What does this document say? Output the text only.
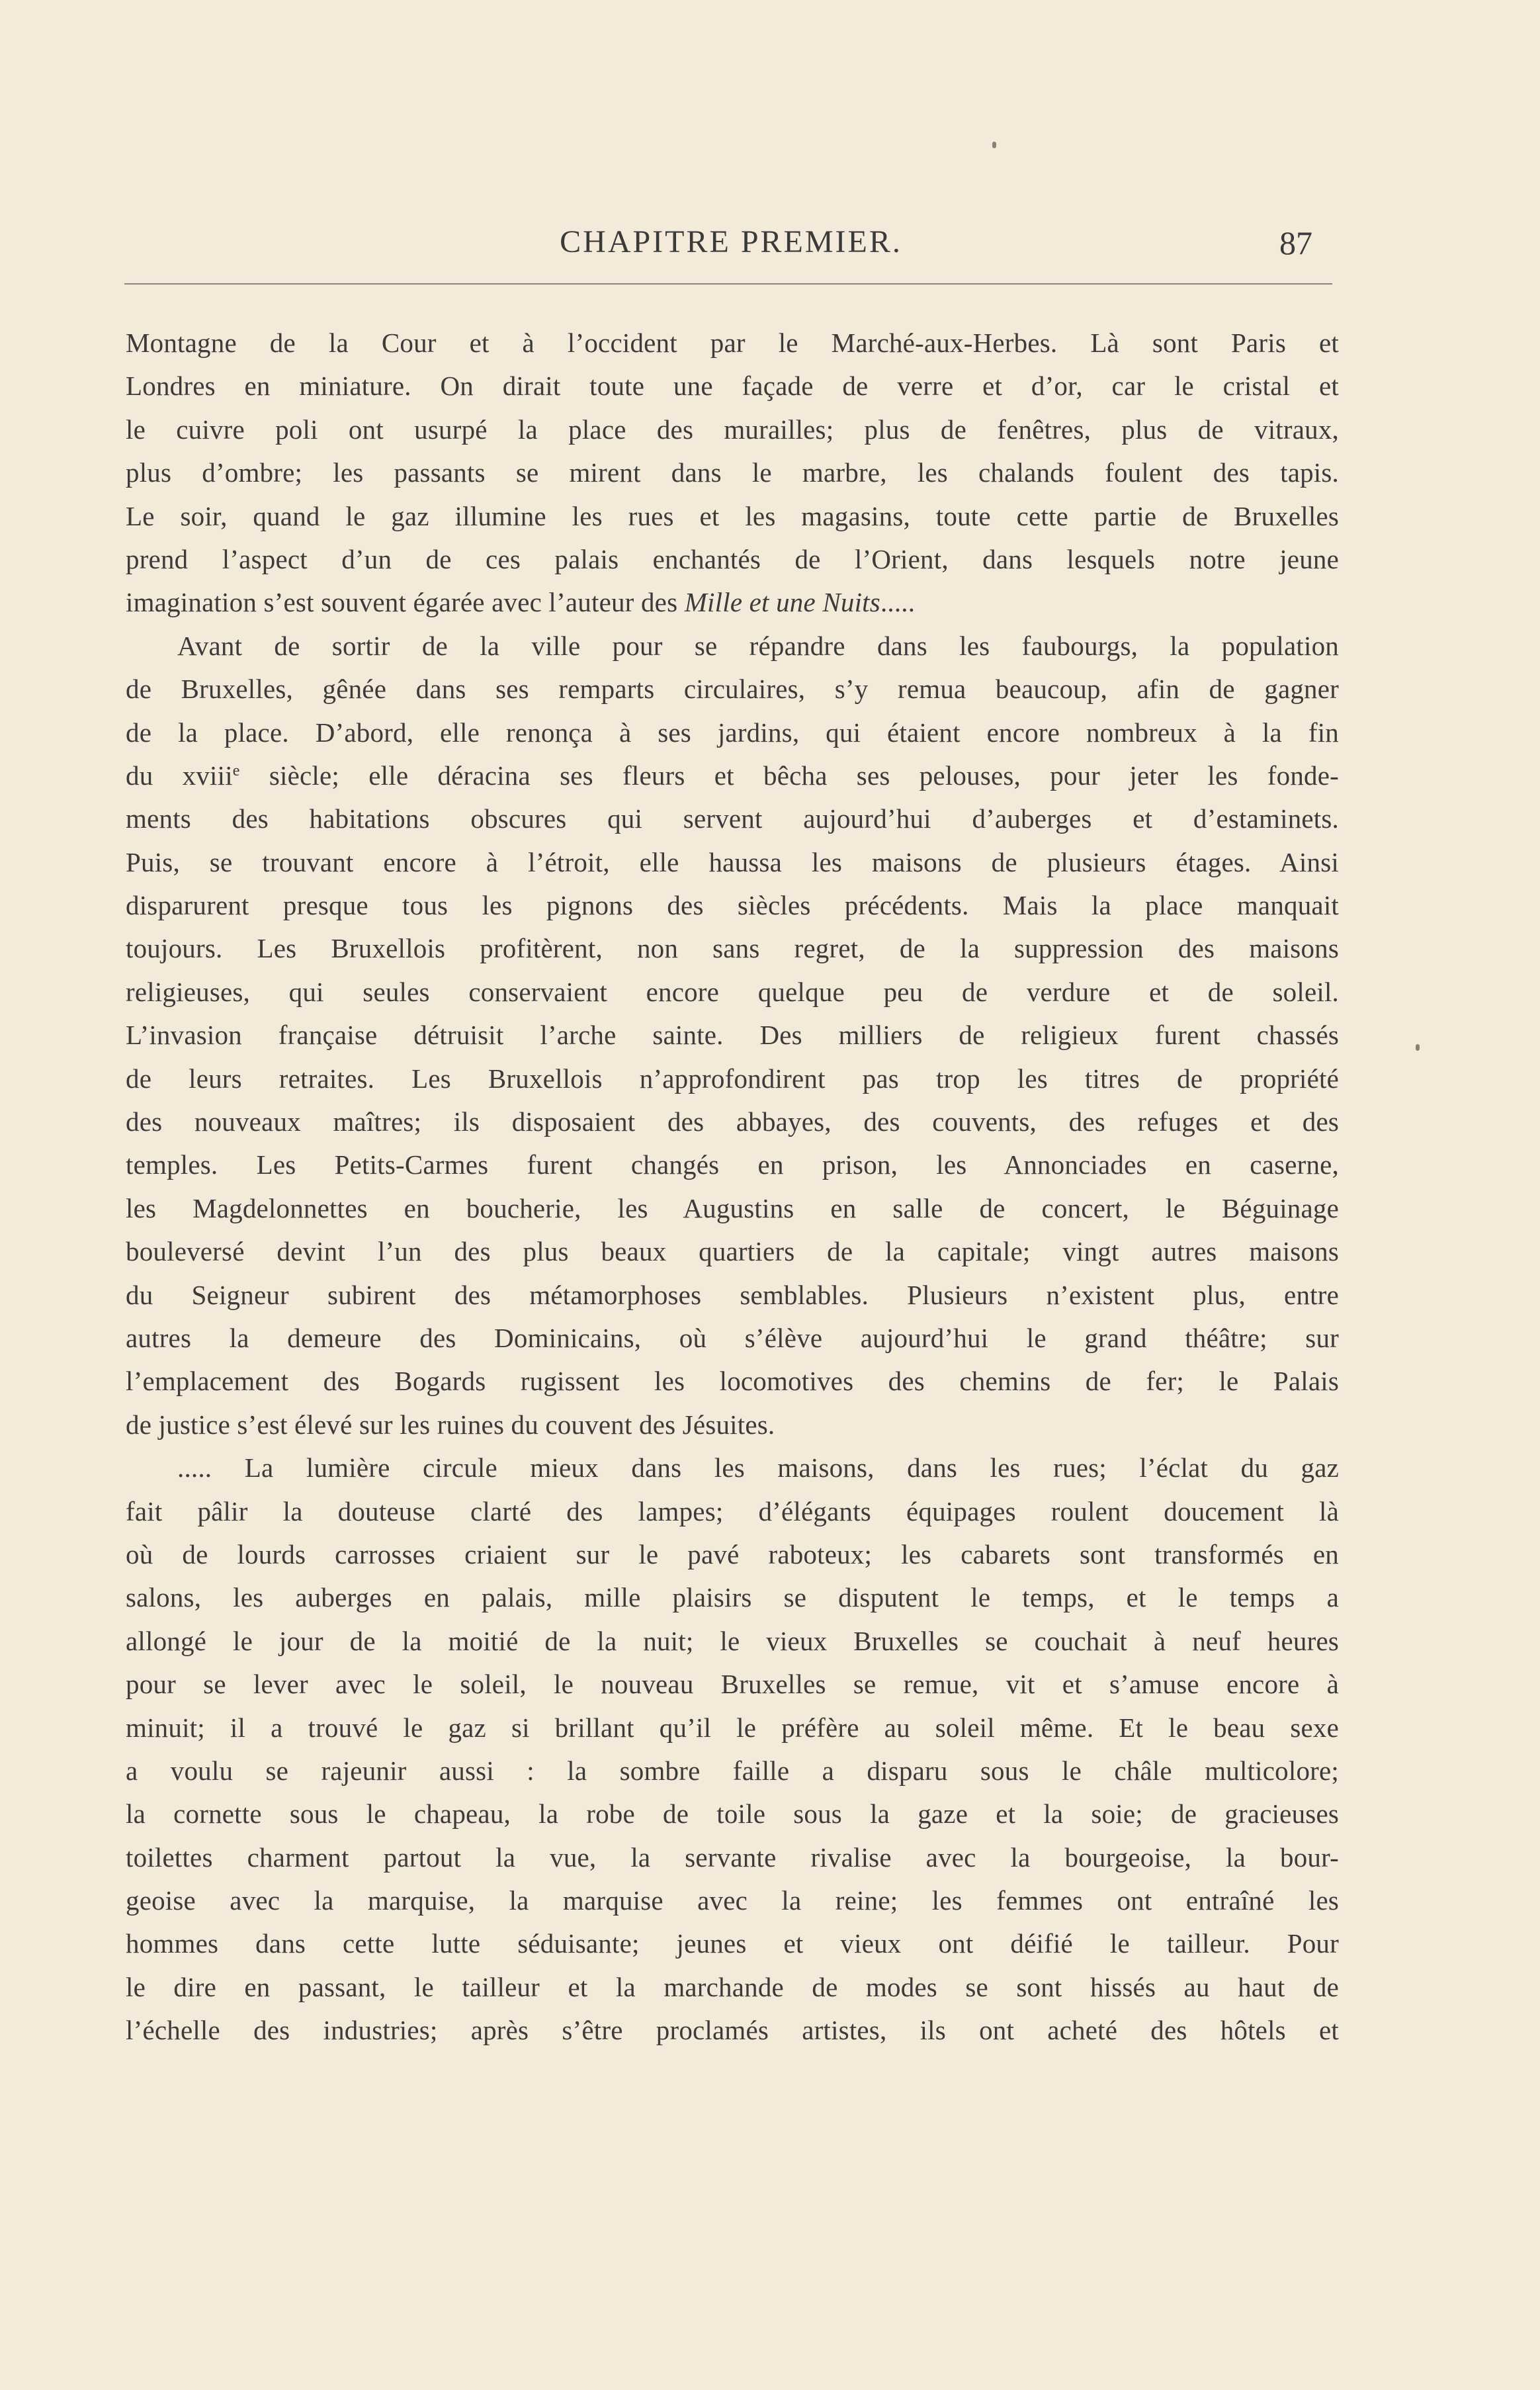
CHAPITRE PREMIER.	87
Montagne de la Cour et à l’occident par le Marché-aux-Herbes. Là sont Paris et
Londres en miniature. On dirait toute une façade de verre et d’or, car le cristal et
le cuivre poli ont usurpé la place des murailles; plus de fenêtres, plus de vitraux,
plus d’ombre; les passants se mirent dans le marbre, les chalands foulent des tapis.
Le soir, quand le gaz illumine les rues et les magasins, toute cette partie de Bruxelles
prend l’aspect d’un de ces palais enchantés de l’Orient, dans lesquels notre jeune
imagination s’est souvent égarée avec l’auteur des Mille et une Nuits.....
Avant de sortir de la ville pour se répandre dans les faubourgs, la population
de Bruxelles, gênée dans ses remparts circulaires, s’y remua beaucoup, afin de gagner
de la place. D’abord, elle renonça à ses jardins, qui étaient encore nombreux à la fin
du xviii$^e$ siècle; elle déracina ses fleurs et bêcha ses pelouses, pour jeter les fonde-
ments des habitations obscures qui servent aujourd’hui d’auberges et d’estaminets.
Puis, se trouvant encore à l’étroit, elle haussa les maisons de plusieurs étages. Ainsi
disparurent presque tous les pignons des siècles précédents. Mais la place manquait
toujours. Les Bruxellois profitèrent, non sans regret, de la suppression des maisons
religieuses, qui seules conservaient encore quelque peu de verdure et de soleil.
L’invasion française détruisit l’arche sainte. Des milliers de religieux furent chassés
de leurs retraites. Les Bruxellois n’approfondirent pas trop les titres de propriété
des nouveaux maîtres; ils disposaient des abbayes, des couvents, des refuges et des
temples. Les Petits-Carmes furent changés en prison, les Annonciades en caserne,
les Magdelonnettes en boucherie, les Augustins en salle de concert, le Béguinage
bouleversé devint l’un des plus beaux quartiers de la capitale; vingt autres maisons
du Seigneur subirent des métamorphoses semblables. Plusieurs n’existent plus, entre
autres la demeure des Dominicains, où s’élève aujourd’hui le grand théâtre; sur
l’emplacement des Bogards rugissent les locomotives des chemins de fer; le Palais
de justice s’est élevé sur les ruines du couvent des Jésuites.
..... La lumière circule mieux dans les maisons, dans les rues; l’éclat du gaz
fait pâlir la douteuse clarté des lampes; d’élégants équipages roulent doucement là
où de lourds carrosses criaient sur le pavé raboteux; les cabarets sont transformés en
salons, les auberges en palais, mille plaisirs se disputent le temps, et le temps a
allongé le jour de la moitié de la nuit; le vieux Bruxelles se couchait à neuf heures
pour se lever avec le soleil, le nouveau Bruxelles se remue, vit et s’amuse encore à
minuit; il a trouvé le gaz si brillant qu’il le préfère au soleil même. Et le beau sexe
a voulu se rajeunir aussi : la sombre faille a disparu sous le châle multicolore;
la cornette sous le chapeau, la robe de toile sous la gaze et la soie; de gracieuses
toilettes charment partout la vue, la servante rivalise avec la bourgeoise, la bour-
geoise avec la marquise, la marquise avec la reine; les femmes ont entraîné les
hommes dans cette lutte séduisante; jeunes et vieux ont déifié le tailleur. Pour
le dire en passant, le tailleur et la marchande de modes se sont hissés au haut de
l’échelle des industries; après s’être proclamés artistes, ils ont acheté des hôtels et
